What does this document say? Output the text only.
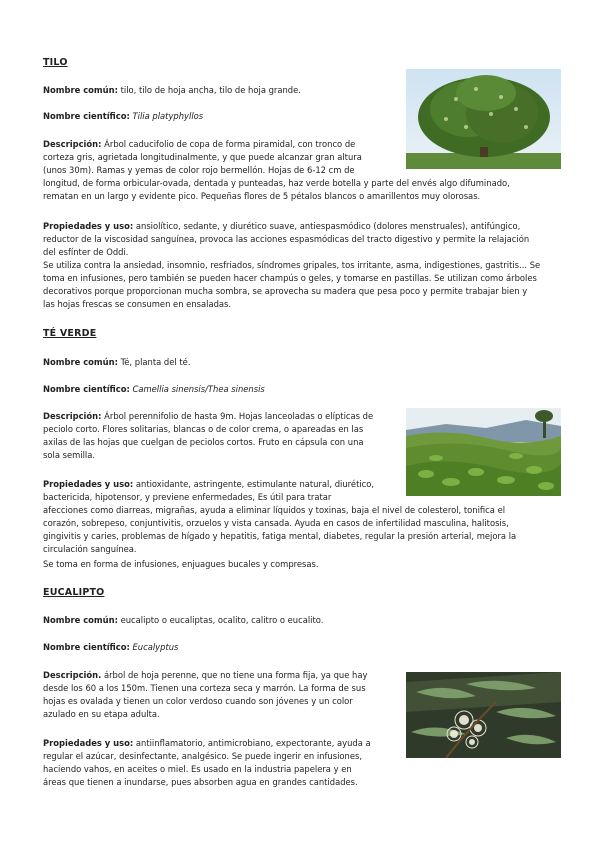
TILO
Nombre común: tilo, tilo de hoja ancha, tilo de hoja grande.
Nombre científico: Tilia platyphyllos
Descripción: Árbol caducifolio de copa de forma piramidal, con tronco de
corteza gris, agrietada longitudinalmente, y que puede alcanzar gran altura
(unos 30m). Ramas y yemas de color rojo bermellón. Hojas de 6-12 cm de
longitud, de forma orbicular-ovada, dentada y punteadas, haz verde botella y parte del envés algo difuminado,
rematan en un largo y evidente pico. Pequeñas flores de 5 pétalos blancos o amarillentos muy olorosas.
Propiedades y uso: ansiolítico, sedante, y diurético suave, antiespasmódico (dolores menstruales), antifúngico,
reductor de la viscosidad sanguínea, provoca las acciones espasmódicas del tracto digestivo y permite la relajación
del esfínter de Oddi.
Se utiliza contra la ansiedad, insomnio, resfriados, síndromes gripales, tos irritante, asma, indigestiones, gastritis... Se
toma en infusiones, pero también se pueden hacer champús o geles, y tomarse en pastillas. Se utilizan como árboles
decorativos porque proporcionan mucha sombra, se aprovecha su madera que pesa poco y permite trabajar bien y
las hojas frescas se consumen en ensaladas.
TÉ VERDE
Nombre común: Té, planta del té.
Nombre científico: Camellia sinensis/Thea sinensis
Descripción: Árbol perennifolio de hasta 9m. Hojas lanceoladas o elípticas de
peciolo corto. Flores solitarias, blancas o de color crema, o apareadas en las
axilas de las hojas que cuelgan de peciolos cortos. Fruto en cápsula con una
sola semilla.
Propiedades y uso: antioxidante, astringente, estimulante natural, diurético,
bactericida, hipotensor, y previene enfermedades, Es útil para tratar
afecciones como diarreas, migrañas, ayuda a eliminar líquidos y toxinas, baja el nivel de colesterol, tonifica el
corazón, sobrepeso, conjuntivitis, orzuelos y vista cansada. Ayuda en casos de infertilidad masculina, halitosis,
gingivitis y caries, problemas de hígado y hepatitis, fatiga mental, diabetes, regular la presión arterial, mejora la
circulación sanguínea.
Se toma en forma de infusiones, enjuagues bucales y compresas.
EUCALIPTO
Nombre común: eucalipto o eucaliptas, ocalito, calitro o eucalito.
Nombre científico: Eucalyptus
Descripción. árbol de hoja perenne, que no tiene una forma fija, ya que hay
desde los 60 a los 150m. Tienen una corteza seca y marrón. La forma de sus
hojas es ovalada y tienen un color verdoso cuando son jóvenes y un color
azulado en su etapa adulta.
Propiedades y uso: antiinflamatorio, antimicrobiano, expectorante, ayuda a
regular el azúcar, desinfectante, analgésico. Se puede ingerir en infusiones,
haciendo vahos, en aceites o miel. Es usado en la industria papelera y en
áreas que tienen a inundarse, pues absorben agua en grandes cantidades.
